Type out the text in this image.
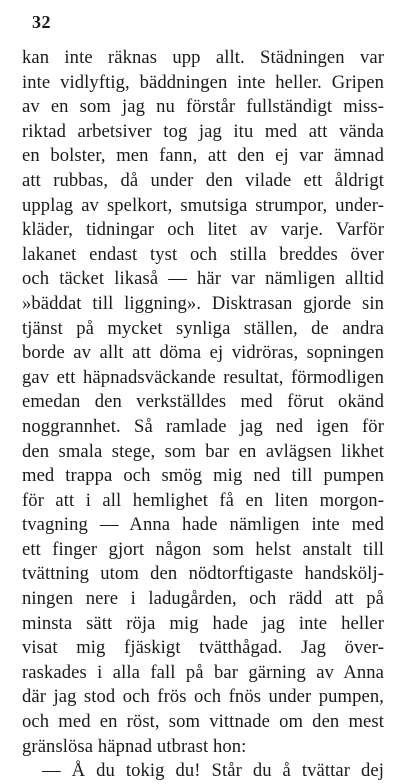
32
kan inte räknas upp allt. Städningen var
inte vidlyftig, bäddningen inte heller. Gripen
av en som jag nu förstår fullständigt miss-
riktad arbetsiver tog jag itu med att vända
en bolster, men fann, att den ej var ämnad
att rubbas, då under den vilade ett åldrigt
upplag av spelkort, smutsiga strumpor, under-
kläder, tidningar och litet av varje. Varför
lakanet endast tyst och stilla breddes över
och täcket likaså — här var nämligen alltid
»bäddat till liggning». Disktrasan gjorde sin
tjänst på mycket synliga ställen, de andra
borde av allt att döma ej vidröras, sopningen
gav ett häpnadsväckande resultat, förmodligen
emedan den verkställdes med förut okänd
noggrannhet. Så ramlade jag ned igen för
den smala stege, som bar en avlägsen likhet
med trappa och smög mig ned till pumpen
för att i all hemlighet få en liten morgon-
tvagning — Anna hade nämligen inte med
ett finger gjort någon som helst anstalt till
tvättning utom den nödtorftigaste handskölj-
ningen nere i ladugården, och rädd att på
minsta sätt röja mig hade jag inte heller
visat mig fjäskigt tvätthågad. Jag över-
raskades i alla fall på bar gärning av Anna
där jag stod och frös och fnös under pumpen,
och med en röst, som vittnade om den mest
gränslösa häpnad utbrast hon:
— Å du tokig du! Står du å tvättar dej
